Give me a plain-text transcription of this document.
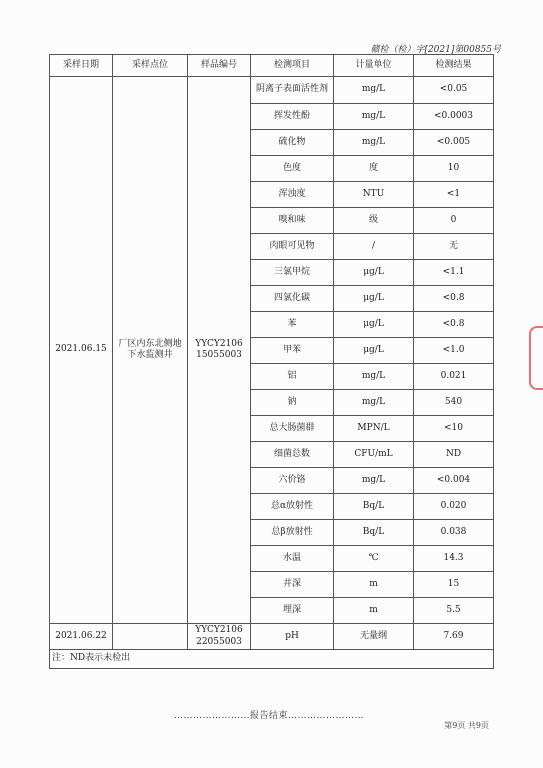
赣检（检）字[2021]第00855号
采样日期	采样点位	样品编号	检测项目	计量单位	检测结果
2021.06.15	厂区内东北侧地下水监测井	YYCY2106 15055003	阴离子表面活性剂	mg/L	<0.05
			挥发性酚	mg/L	<0.0003
			硫化物	mg/L	<0.005
			色度	度	10
			浑浊度	NTU	<1
			嗅和味	级	0
			肉眼可见物	/	无
			三氯甲烷	μg/L	<1.1
			四氯化碳	μg/L	<0.8
			苯	μg/L	<0.8
			甲苯	μg/L	<1.0
			铝	mg/L	0.021
			钠	mg/L	540
			总大肠菌群	MPN/L	<10
			细菌总数	CFU/mL	ND
			六价铬	mg/L	<0.004
			总α放射性	Bq/L	0.020
			总β放射性	Bq/L	0.038
			水温	℃	14.3
			井深	m	15
			埋深	m	5.5
2021.06.22		YYCY2106 22055003	pH	无量纲	7.69
注：ND表示未检出					
……………………报告结束……………………
第9页 共9页
